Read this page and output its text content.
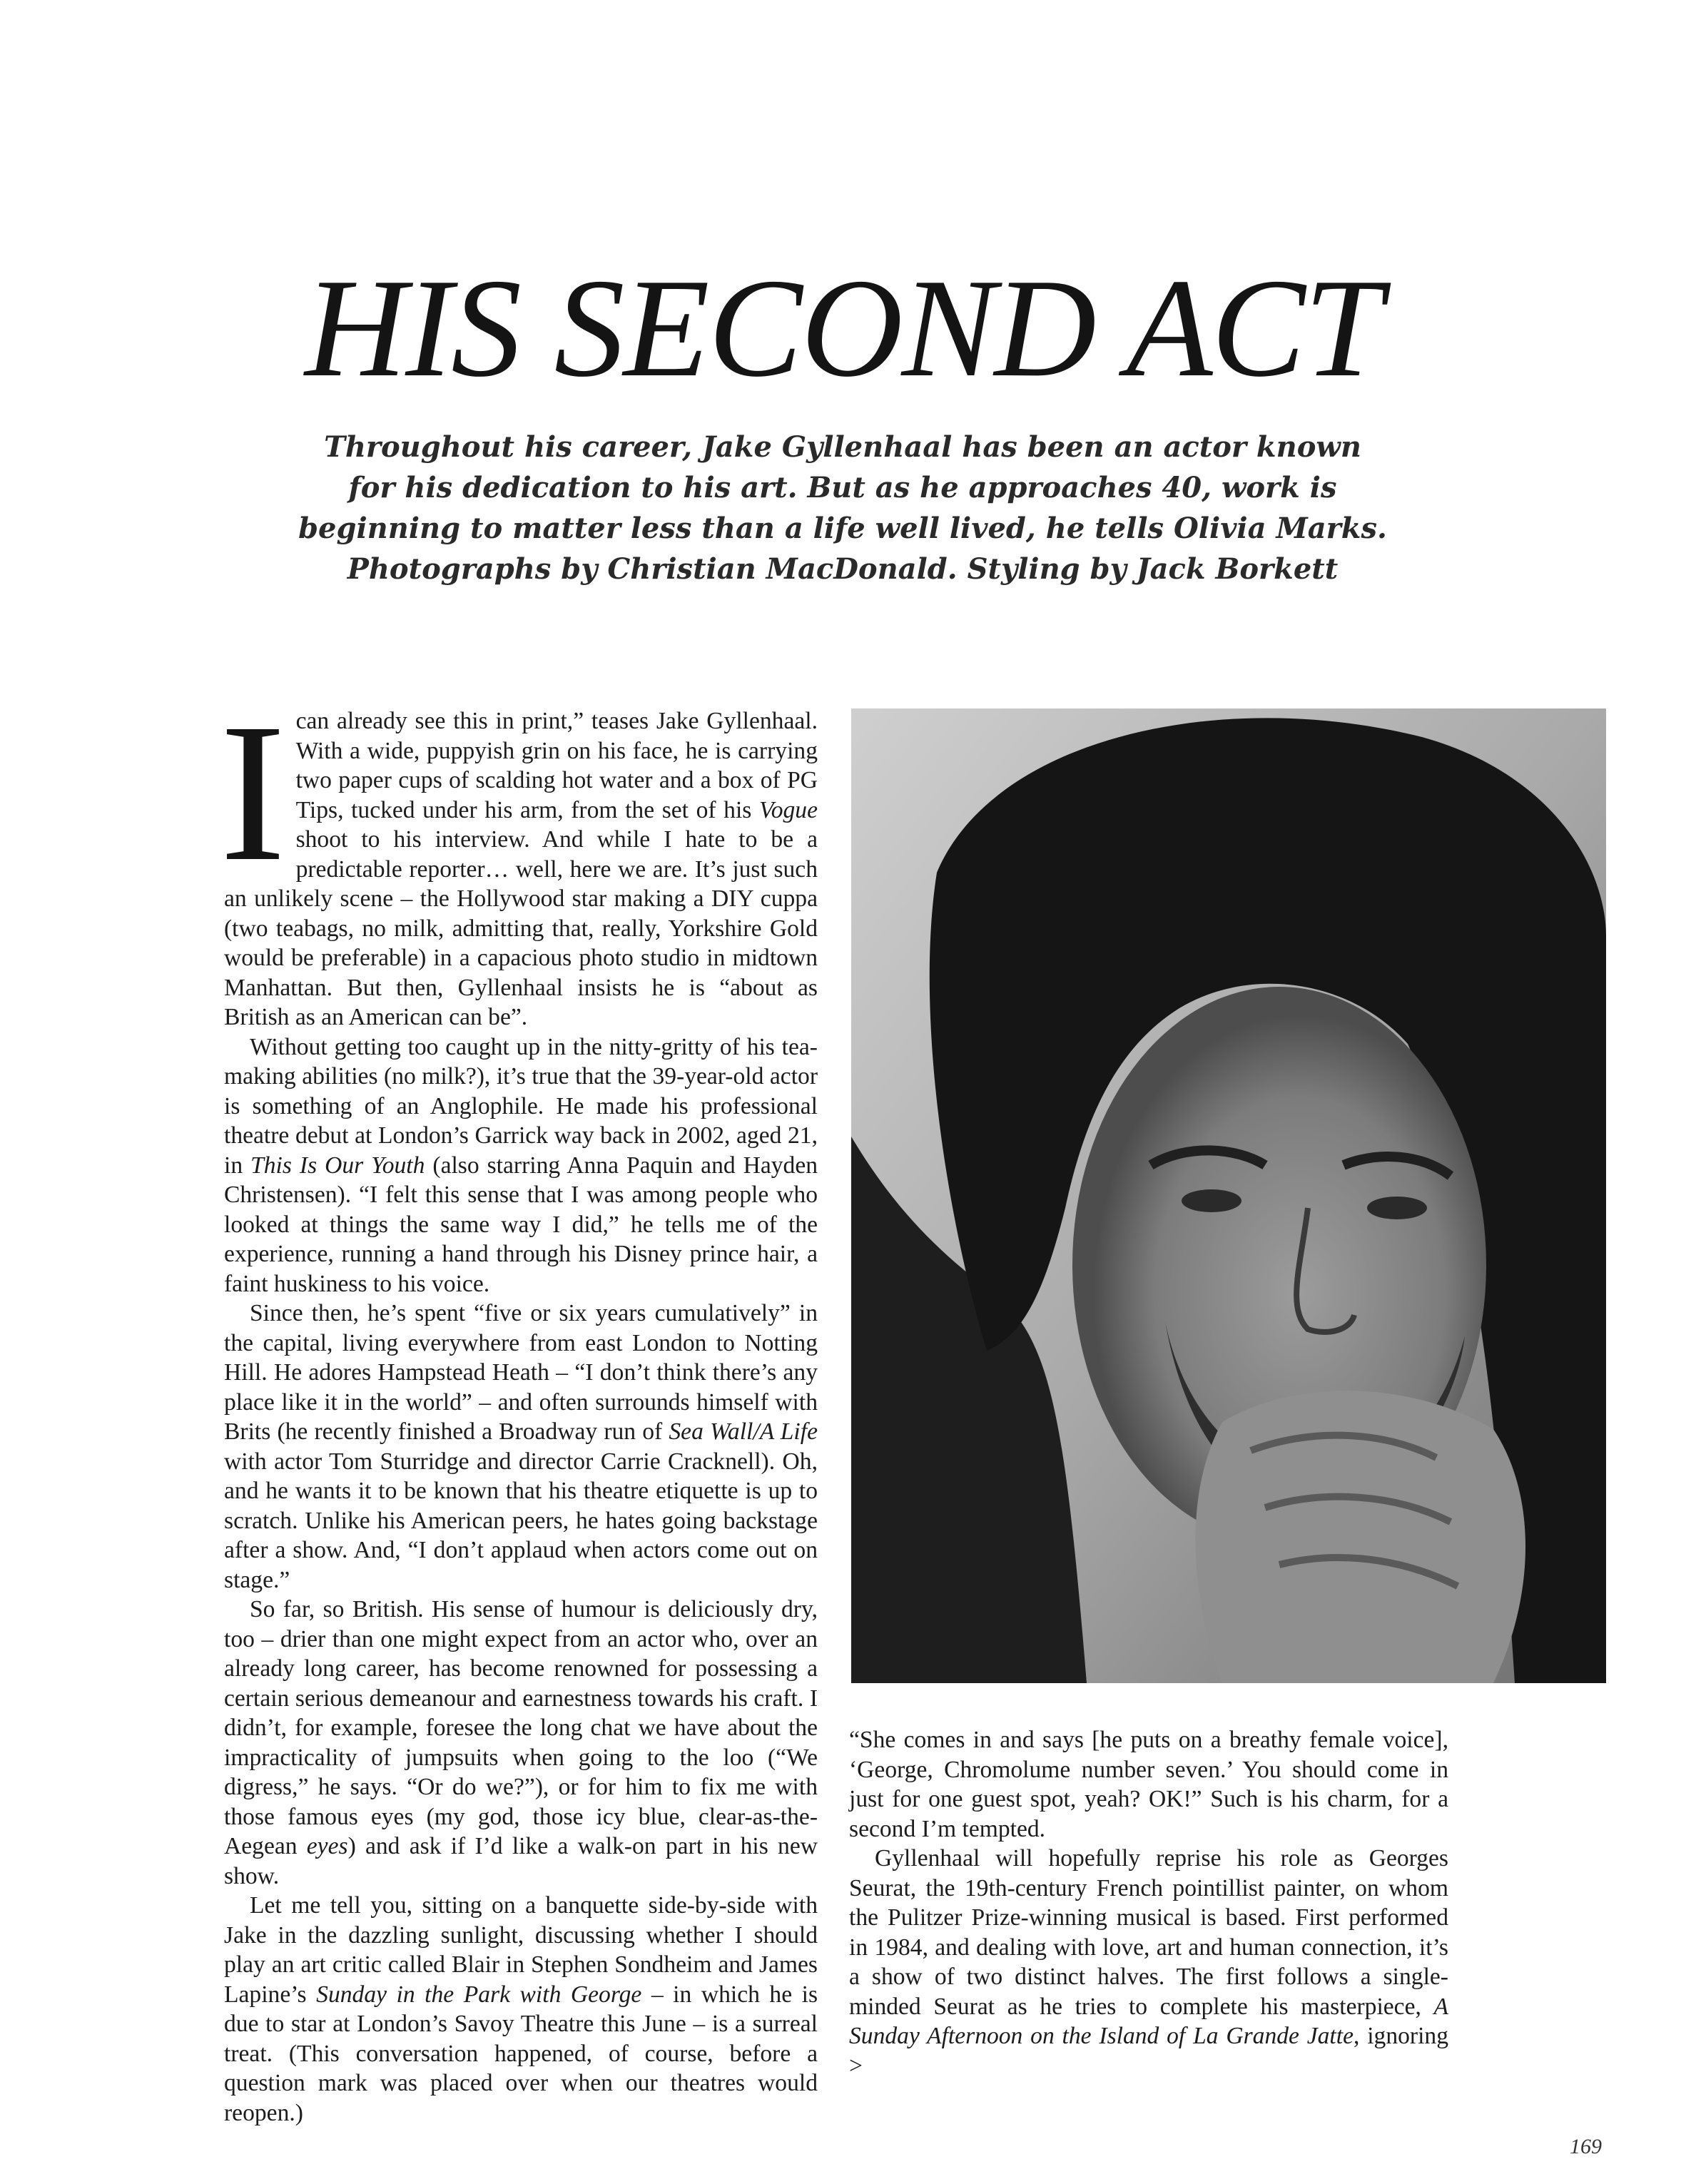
HIS SECOND ACT

Throughout his career, Jake Gyllenhaal has been an actor known
for his dedication to his art. But as he approaches 40, work is
beginning to matter less than a life well lived, he tells Olivia Marks.
Photographs by Christian MacDonald. Styling by Jack Borkett

Ican already see this in print,” teases Jake Gyllenhaal. With a wide, puppyish grin on his face, he is carrying two paper cups of scalding hot water and a box of PG Tips, tucked under his arm, from the set of his Vogue shoot to his interview. And while I hate to be a predictable reporter… well, here we are. It’s just such an unlikely scene – the Hollywood star making a DIY cuppa (two teabags, no milk, admitting that, really, Yorkshire Gold would be preferable) in a capacious photo studio in midtown Manhattan. But then, Gyllenhaal insists he is “about as British as an American can be”.

Without getting too caught up in the nitty-gritty of his tea-making abilities (no milk?), it’s true that the 39-year-old actor is something of an Anglophile. He made his professional theatre debut at London’s Garrick way back in 2002, aged 21, in This Is Our Youth (also starring Anna Paquin and Hayden Christensen). “I felt this sense that I was among people who looked at things the same way I did,” he tells me of the experience, running a hand through his Disney prince hair, a faint huskiness to his voice.

Since then, he’s spent “five or six years cumulatively” in the capital, living everywhere from east London to Notting Hill. He adores Hampstead Heath – “I don’t think there’s any place like it in the world” – and often surrounds himself with Brits (he recently finished a Broadway run of Sea Wall/A Life with actor Tom Sturridge and director Carrie Cracknell). Oh, and he wants it to be known that his theatre etiquette is up to scratch. Unlike his American peers, he hates going backstage after a show. And, “I don’t applaud when actors come out on stage.”

So far, so British. His sense of humour is deliciously dry, too – drier than one might expect from an actor who, over an already long career, has become renowned for possessing a certain serious demeanour and earnestness towards his craft. I didn’t, for example, foresee the long chat we have about the impracticality of jumpsuits when going to the loo (“We digress,” he says. “Or do we?”), or for him to fix me with those famous eyes (my god, those icy blue, clear-as-the-Aegean eyes) and ask if I’d like a walk-on part in his new show.

Let me tell you, sitting on a banquette side-by-side with Jake in the dazzling sunlight, discussing whether I should play an art critic called Blair in Stephen Sondheim and James Lapine’s Sunday in the Park with George – in which he is due to star at London’s Savoy Theatre this June – is a surreal treat. (This conversation happened, of course, before a question mark was placed over when our theatres would reopen.)

“She comes in and says [he puts on a breathy female voice], ‘George, Chromolume number seven.’ You should come in just for one guest spot, yeah? OK!” Such is his charm, for a second I’m tempted.

Gyllenhaal will hopefully reprise his role as Georges Seurat, the 19th-century French pointillist painter, on whom the Pulitzer Prize-winning musical is based. First performed in 1984, and dealing with love, art and human connection, it’s a show of two distinct halves. The first follows a single-minded Seurat as he tries to complete his masterpiece, A Sunday Afternoon on the Island of La Grande Jatte, ignoring >

169
